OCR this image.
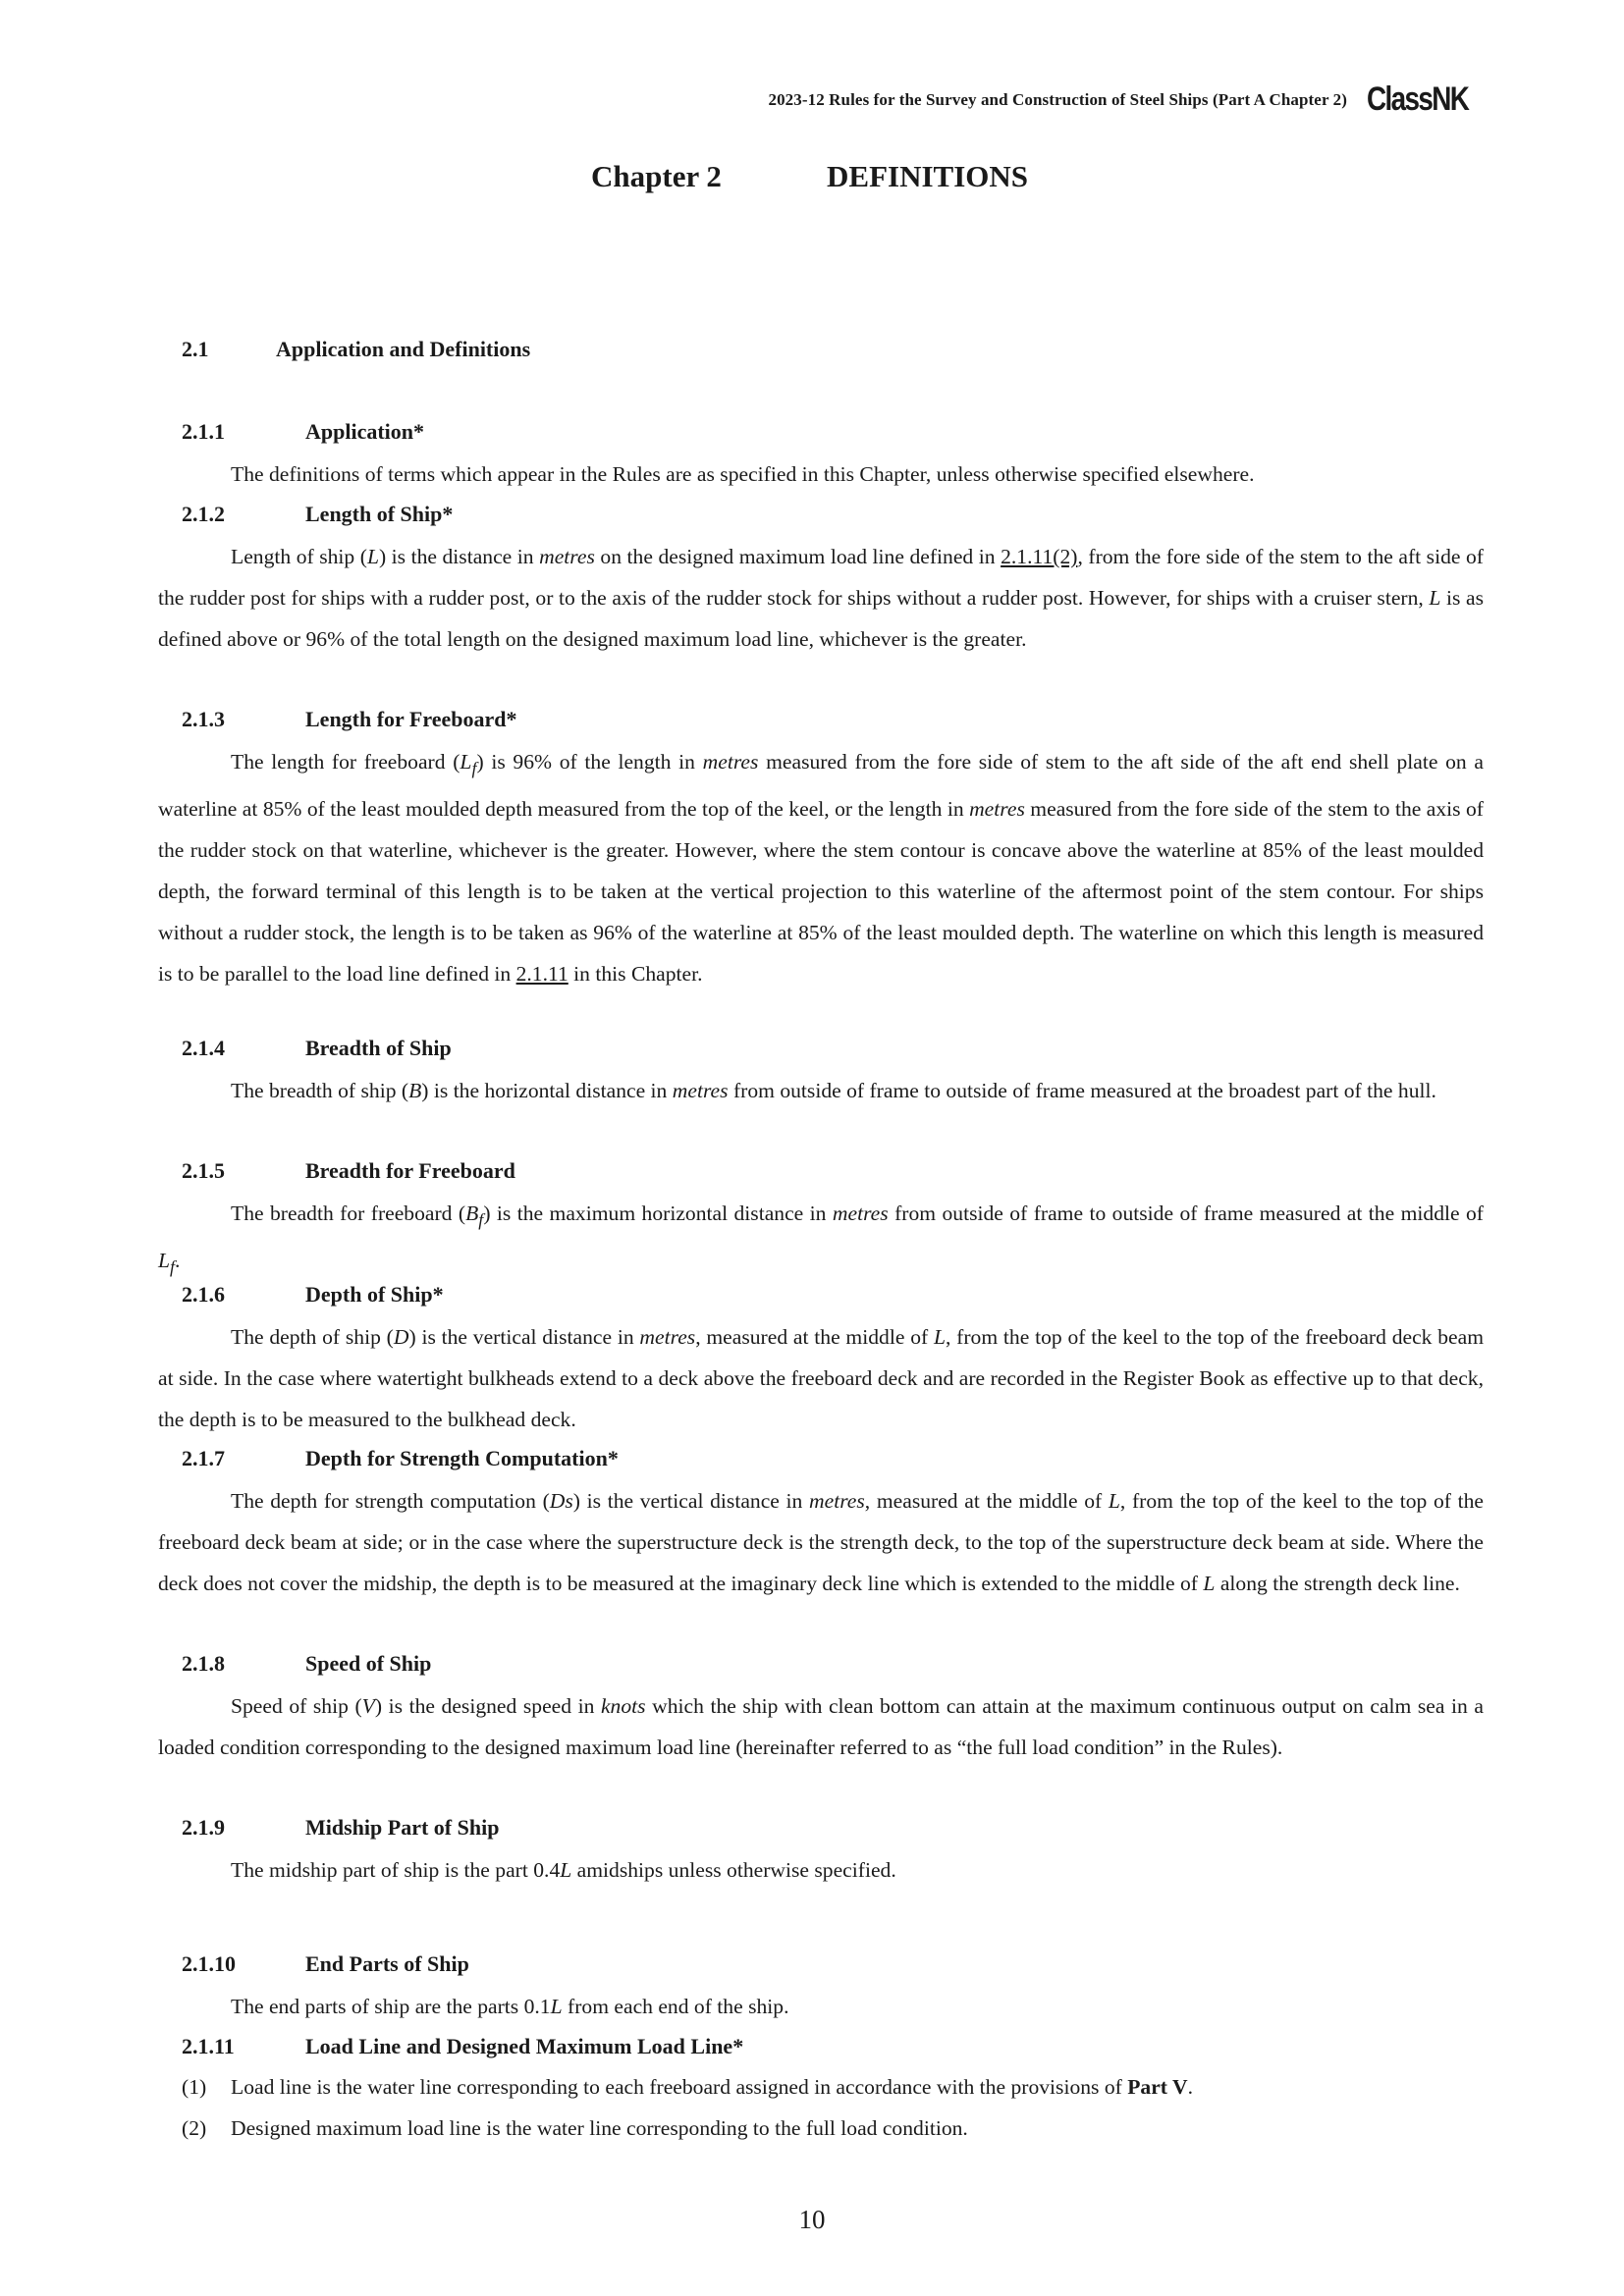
2023-12 Rules for the Survey and Construction of Steel Ships (Part A Chapter 2) ClassNK
Chapter 2	DEFINITIONS
2.1	Application and Definitions
2.1.1	Application*
The definitions of terms which appear in the Rules are as specified in this Chapter, unless otherwise specified elsewhere.
2.1.2	Length of Ship*
Length of ship (L) is the distance in metres on the designed maximum load line defined in 2.1.11(2), from the fore side of the stem to the aft side of the rudder post for ships with a rudder post, or to the axis of the rudder stock for ships without a rudder post. However, for ships with a cruiser stern, L is as defined above or 96% of the total length on the designed maximum load line, whichever is the greater.
2.1.3	Length for Freeboard*
The length for freeboard $(L_f)$ is 96% of the length in metres measured from the fore side of stem to the aft side of the aft end shell plate on a waterline at 85% of the least moulded depth measured from the top of the keel, or the length in metres measured from the fore side of the stem to the axis of the rudder stock on that waterline, whichever is the greater. However, where the stem contour is concave above the waterline at 85% of the least moulded depth, the forward terminal of this length is to be taken at the vertical projection to this waterline of the aftermost point of the stem contour. For ships without a rudder stock, the length is to be taken as 96% of the waterline at 85% of the least moulded depth. The waterline on which this length is measured is to be parallel to the load line defined in 2.1.11 in this Chapter.
2.1.4	Breadth of Ship
The breadth of ship (B) is the horizontal distance in metres from outside of frame to outside of frame measured at the broadest part of the hull.
2.1.5	Breadth for Freeboard
The breadth for freeboard $(B_f)$ is the maximum horizontal distance in metres from outside of frame to outside of frame measured at the middle of $L_f$.
2.1.6	Depth of Ship*
The depth of ship (D) is the vertical distance in metres, measured at the middle of L, from the top of the keel to the top of the freeboard deck beam at side. In the case where watertight bulkheads extend to a deck above the freeboard deck and are recorded in the Register Book as effective up to that deck, the depth is to be measured to the bulkhead deck.
2.1.7	Depth for Strength Computation*
The depth for strength computation (Ds) is the vertical distance in metres, measured at the middle of L, from the top of the keel to the top of the freeboard deck beam at side; or in the case where the superstructure deck is the strength deck, to the top of the superstructure deck beam at side. Where the deck does not cover the midship, the depth is to be measured at the imaginary deck line which is extended to the middle of L along the strength deck line.
2.1.8	Speed of Ship
Speed of ship (V) is the designed speed in knots which the ship with clean bottom can attain at the maximum continuous output on calm sea in a loaded condition corresponding to the designed maximum load line (hereinafter referred to as “the full load condition” in the Rules).
2.1.9	Midship Part of Ship
The midship part of ship is the part 0.4L amidships unless otherwise specified.
2.1.10	End Parts of Ship
The end parts of ship are the parts 0.1L from each end of the ship.
2.1.11	Load Line and Designed Maximum Load Line*
(1) Load line is the water line corresponding to each freeboard assigned in accordance with the provisions of Part V.
(2) Designed maximum load line is the water line corresponding to the full load condition.
10
